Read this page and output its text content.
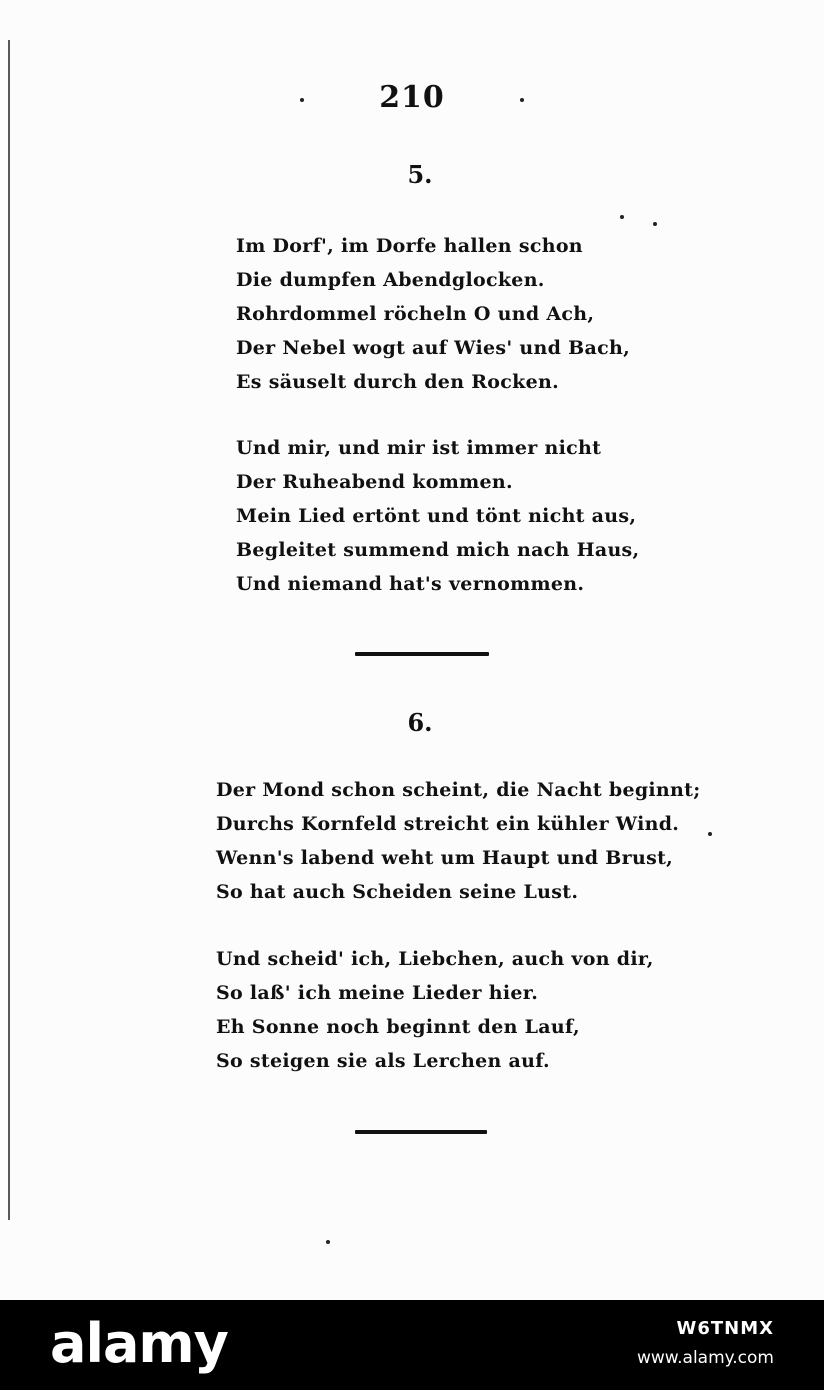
210
5.
Im Dorf', im Dorfe hallen schon
Die dumpfen Abendglocken.
Rohrdommel röcheln O und Ach,
Der Nebel wogt auf Wies' und Bach,
Es säuselt durch den Rocken.
Und mir, und mir ist immer nicht
Der Ruheabend kommen.
Mein Lied ertönt und tönt nicht aus,
Begleitet summend mich nach Haus,
Und niemand hat's vernommen.
6.
Der Mond schon scheint, die Nacht beginnt;
Durchs Kornfeld streicht ein kühler Wind.
Wenn's labend weht um Haupt und Brust,
So hat auch Scheiden seine Lust.
Und scheid' ich, Liebchen, auch von dir,
So laß' ich meine Lieder hier.
Eh Sonne noch beginnt den Lauf,
So steigen sie als Lerchen auf.
alamy	W6TNMX
www.alamy.com
